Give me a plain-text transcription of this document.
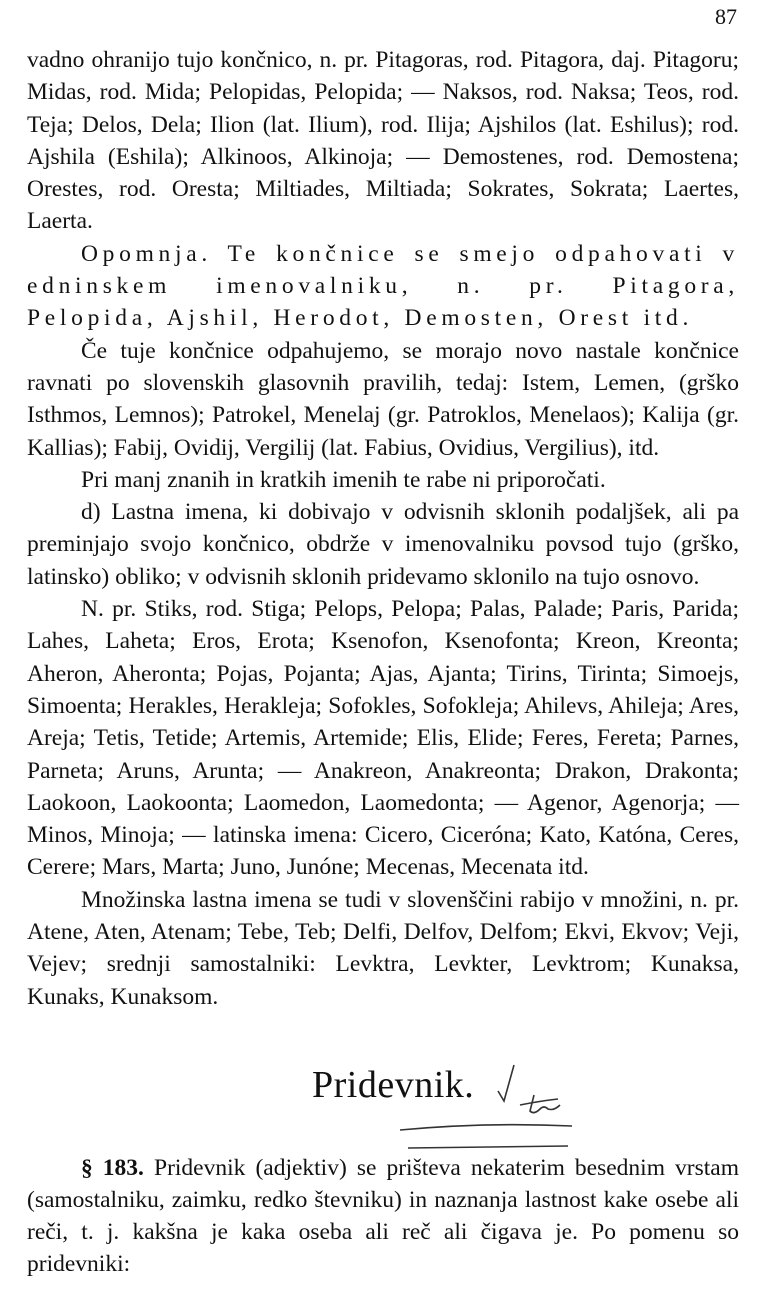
87

vadno ohranijo tujo končnico, n. pr. Pitagoras, rod. Pitagora, daj. Pitagoru; Midas, rod. Mida; Pelopidas, Pelopida; — Naksos, rod. Naksa; Teos, rod. Teja; Delos, Dela; Ilion (lat. Ilium), rod. Ilija; Ajshilos (lat. Eshilus); rod. Ajshila (Eshila); Alkinoos, Alkinoja; — Demostenes, rod. Demostena; Orestes, rod. Oresta; Miltiades, Miltiada; Sokrates, Sokrata; Laertes, Laerta.

Opomnja. Te končnice se smejo odpahovati v edninskem imenovalniku, n. pr. Pitagora, Pelopida, Ajshil, Herodot, Demosten, Orest itd.

Če tuje končnice odpahujemo, se morajo novo nastale končnice ravnati po slovenskih glasovnih pravilih, tedaj: Istem, Lemen, (grško Isthmos, Lemnos); Patrokel, Menelaj (gr. Patroklos, Menelaos); Kalija (gr. Kallias); Fabij, Ovidij, Vergilij (lat. Fabius, Ovidius, Vergilius), itd.

Pri manj znanih in kratkih imenih te rabe ni priporočati.

d) Lastna imena, ki dobivajo v odvisnih sklonih podaljšek, ali pa preminjajo svojo končnico, obdrže v imenovalniku povsod tujo (grško, latinsko) obliko; v odvisnih sklonih pridevamo sklonilo na tujo osnovo.

N. pr. Stiks, rod. Stiga; Pelops, Pelopa; Palas, Palade; Paris, Parida; Lahes, Laheta; Eros, Erota; Ksenofon, Ksenofonta; Kreon, Kreonta; Aheron, Aheronta; Pojas, Pojanta; Ajas, Ajanta; Tirins, Tirinta; Simoejs, Simoenta; Herakles, Herakleja; Sofokles, Sofokleja; Ahilevs, Ahileja; Ares, Areja; Tetis, Tetide; Artemis, Artemide; Elis, Elide; Feres, Fereta; Parnes, Parneta; Aruns, Arunta; — Anakreon, Anakreonta; Drakon, Drakonta; Laokoon, Laokoonta; Laomedon, Laomedonta; — Agenor, Agenorja; — Minos, Minoja; — latinska imena: Cicero, Ciceróna; Kato, Katóna, Ceres, Cerere; Mars, Marta; Juno, Junóne; Mecenas, Mecenata itd.

Množinska lastna imena se tudi v slovenščini rabijo v množini, n. pr. Atene, Aten, Atenam; Tebe, Teb; Delfi, Delfov, Delfom; Ekvi, Ekvov; Veji, Vejev; srednji samostalniki: Levktra, Levkter, Levktrom; Kunaksa, Kunaks, Kunaksom.

Pridevnik.

§ 183. Pridevnik (adjektiv) se prišteva nekaterim besednim vrstam (samostalniku, zaimku, redko števniku) in naznanja lastnost kake osebe ali reči, t. j. kakšna je kaka oseba ali reč ali čigava je. Po pomenu so pridevniki:
